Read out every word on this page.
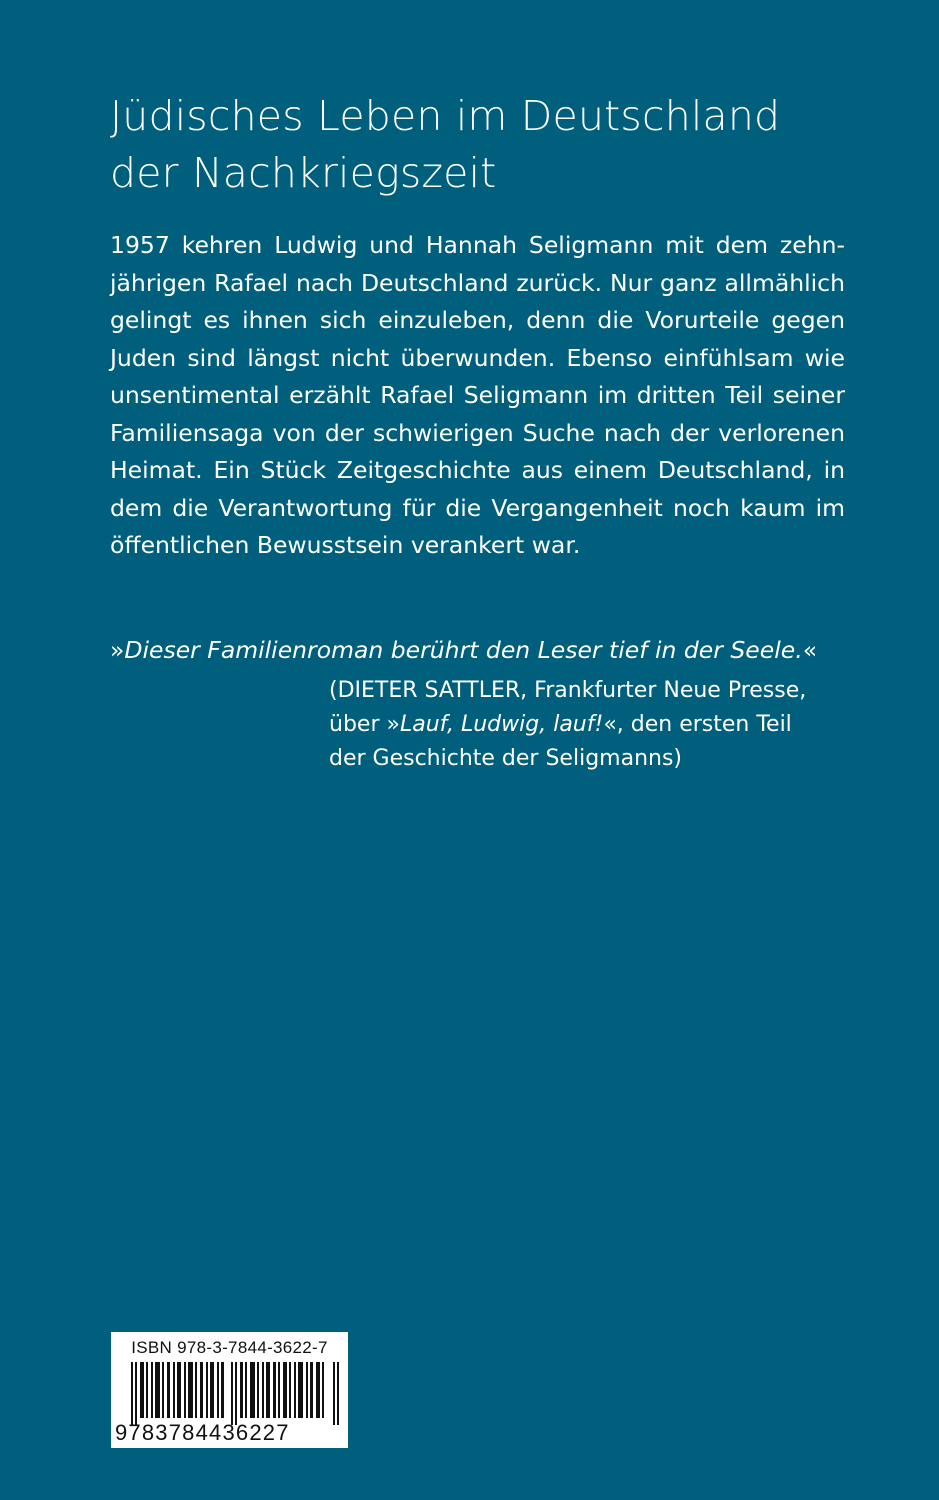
Jüdisches Leben im Deutschland
der Nachkriegszeit

1957 kehren Ludwig und Hannah Seligmann mit dem zehnjährigen Rafael nach Deutschland zurück. Nur ganz allmählich gelingt es ihnen sich einzuleben, denn die Vorurteile gegen Juden sind längst nicht überwunden. Ebenso einfühlsam wie unsentimental erzählt Rafael Seligmann im dritten Teil seiner Familiensaga von der schwierigen Suche nach der verlorenen Heimat. Ein Stück Zeitgeschichte aus einem Deutschland, in dem die Verantwortung für die Vergangenheit noch kaum im öffentlichen Bewusstsein verankert war.

»Dieser Familienroman berührt den Leser tief in der Seele.«
(DIETER SATTLER, Frankfurter Neue Presse,
über »Lauf, Ludwig, lauf!«, den ersten Teil
der Geschichte der Seligmanns)
ISBN 978-3-7844-3622-7
9783784436227
